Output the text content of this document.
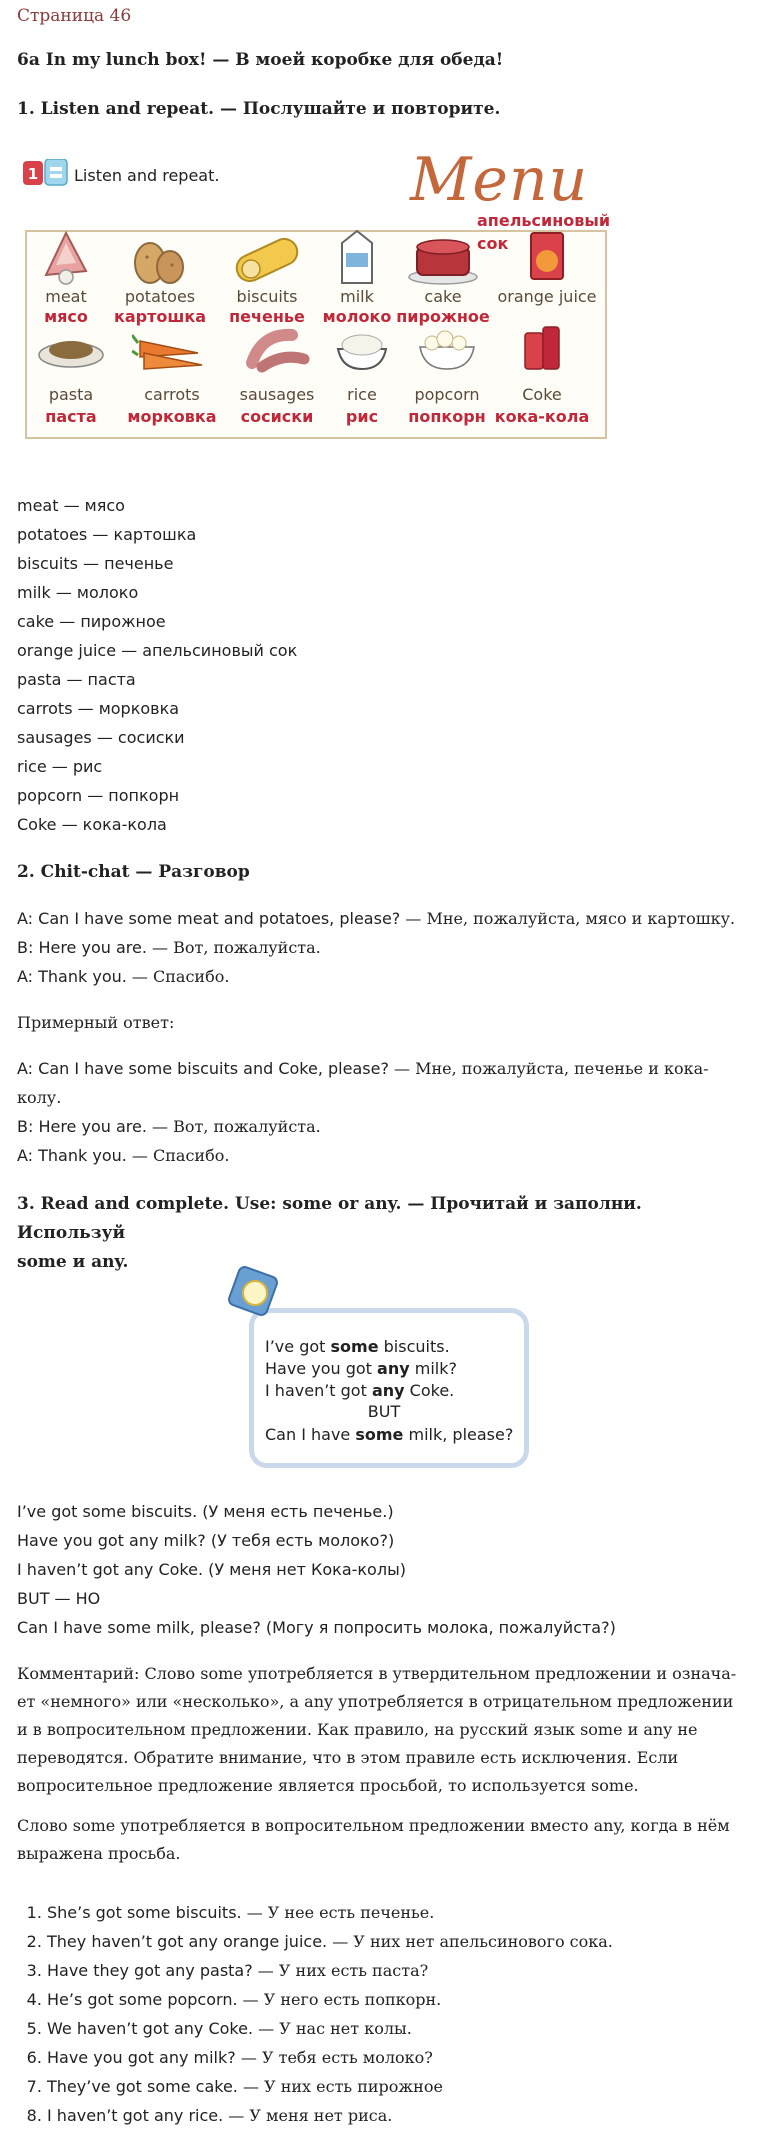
Страница 46
6a In my lunch box! — В моей коробке для обеда!
1. Listen and repeat. — Послушайте и повторите.
1 Listen and repeat.	Menu
апельсиновый
сок
meat
мясо
potatoes
картошка
biscuits
печенье
milk
молоко
cake
пирожное
orange juice
pasta
паста
carrots
морковка
sausages
сосиски
rice
рис
popcorn
попкорн
Coke
кока-кола
meat — мясо
potatoes — картошка
biscuits — печенье
milk — молоко
cake — пирожное
orange juice — апельсиновый сок
pasta — паста
carrots — морковка
sausages — сосиски
rice — рис
popcorn — попкорн
Coke — кока-кола
2. Chit-chat — Разговор
A: Can I have some meat and potatoes, please? — Мне, пожалуйста, мясо и картошку.
B: Here you are. — Вот, пожалуйста.
A: Thank you. — Спасибо.
Примерный ответ:
A: Can I have some biscuits and Coke, please? — Мне, пожалуйста, печенье и кока-
колу.
B: Here you are. — Вот, пожалуйста.
A: Thank you. — Спасибо.
3. Read and complete. Use: some or any. — Прочитай и заполни. Используй
some и any.
I’ve got some biscuits.
Have you got any milk?
I haven’t got any Coke.
BUT
Can I have some milk, please?
I’ve got some biscuits. (У меня есть печенье.)
Have you got any milk? (У тебя есть молоко?)
I haven’t got any Coke. (У меня нет Кока-колы)
BUT — НО
Can I have some milk, please? (Могу я попросить молока, пожалуйста?)
Комментарий: Слово some употребляется в утвердительном предложении и означа-
ет «немного» или «несколько», а any употребляется в отрицательном предложении
и в вопросительном предложении. Как правило, на русский язык some и any не
переводятся. Обратите внимание, что в этом правиле есть исключения. Если
вопросительное предложение является просьбой, то используется some.
Слово some употребляется в вопросительном предложении вместо any, когда в нём
выражена просьба.
1. She’s got some biscuits. — У нее есть печенье.
2. They haven’t got any orange juice. — У них нет апельсинового сока.
3. Have they got any pasta? — У них есть паста?
4. He’s got some popcorn. — У него есть попкорн.
5. We haven’t got any Coke. — У нас нет колы.
6. Have you got any milk? — У тебя есть молоко?
7. They’ve got some cake. — У них есть пирожное
8. I haven’t got any rice. — У меня нет риса.
